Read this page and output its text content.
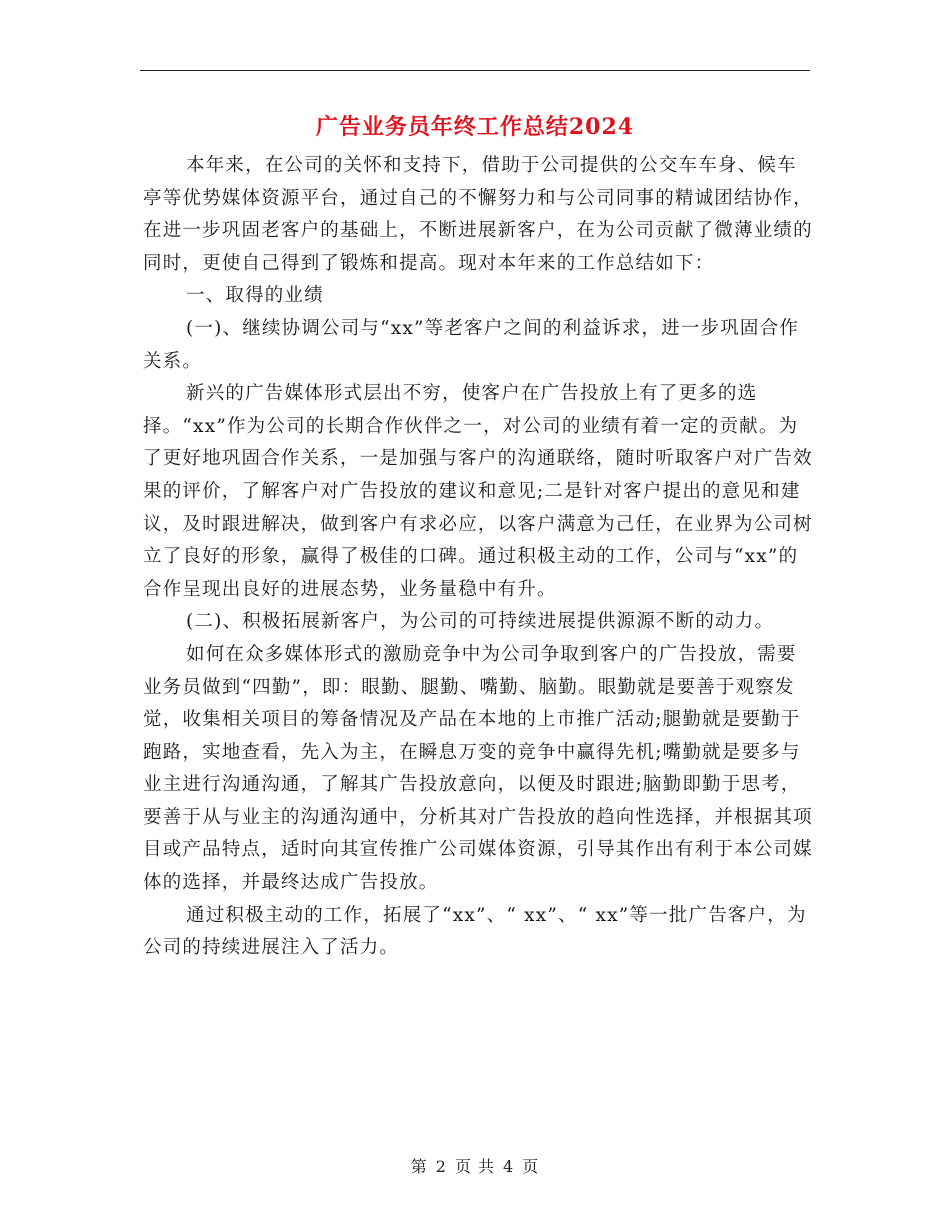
广告业务员年终工作总结2024

本年来，在公司的关怀和支持下，借助于公司提供的公交车车身、候车亭等优势媒体资源平台，通过自己的不懈努力和与公司同事的精诚团结协作，在进一步巩固老客户的基础上，不断进展新客户，在为公司贡献了微薄业绩的同时，更使自己得到了锻炼和提高。现对本年来的工作总结如下：

一、取得的业绩

(一)、继续协调公司与“xx”等老客户之间的利益诉求，进一步巩固合作关系。

新兴的广告媒体形式层出不穷，使客户在广告投放上有了更多的选择。“xx”作为公司的长期合作伙伴之一，对公司的业绩有着一定的贡献。为了更好地巩固合作关系，一是加强与客户的沟通联络，随时听取客户对广告效果的评价，了解客户对广告投放的建议和意见;二是针对客户提出的意见和建议，及时跟进解决，做到客户有求必应，以客户满意为己任，在业界为公司树立了良好的形象，赢得了极佳的口碑。通过积极主动的工作，公司与“xx”的合作呈现出良好的进展态势，业务量稳中有升。

(二)、积极拓展新客户，为公司的可持续进展提供源源不断的动力。

如何在众多媒体形式的激励竞争中为公司争取到客户的广告投放，需要业务员做到“四勤”，即：眼勤、腿勤、嘴勤、脑勤。眼勤就是要善于观察发觉，收集相关项目的筹备情况及产品在本地的上市推广活动;腿勤就是要勤于跑路，实地查看，先入为主，在瞬息万变的竞争中赢得先机;嘴勤就是要多与业主进行沟通沟通，了解其广告投放意向，以便及时跟进;脑勤即勤于思考，要善于从与业主的沟通沟通中，分析其对广告投放的趋向性选择，并根据其项目或产品特点，适时向其宣传推广公司媒体资源，引导其作出有利于本公司媒体的选择，并最终达成广告投放。

通过积极主动的工作，拓展了“xx”、“ xx”、“ xx”等一批广告客户，为公司的持续进展注入了活力。

第 2 页 共 4 页
